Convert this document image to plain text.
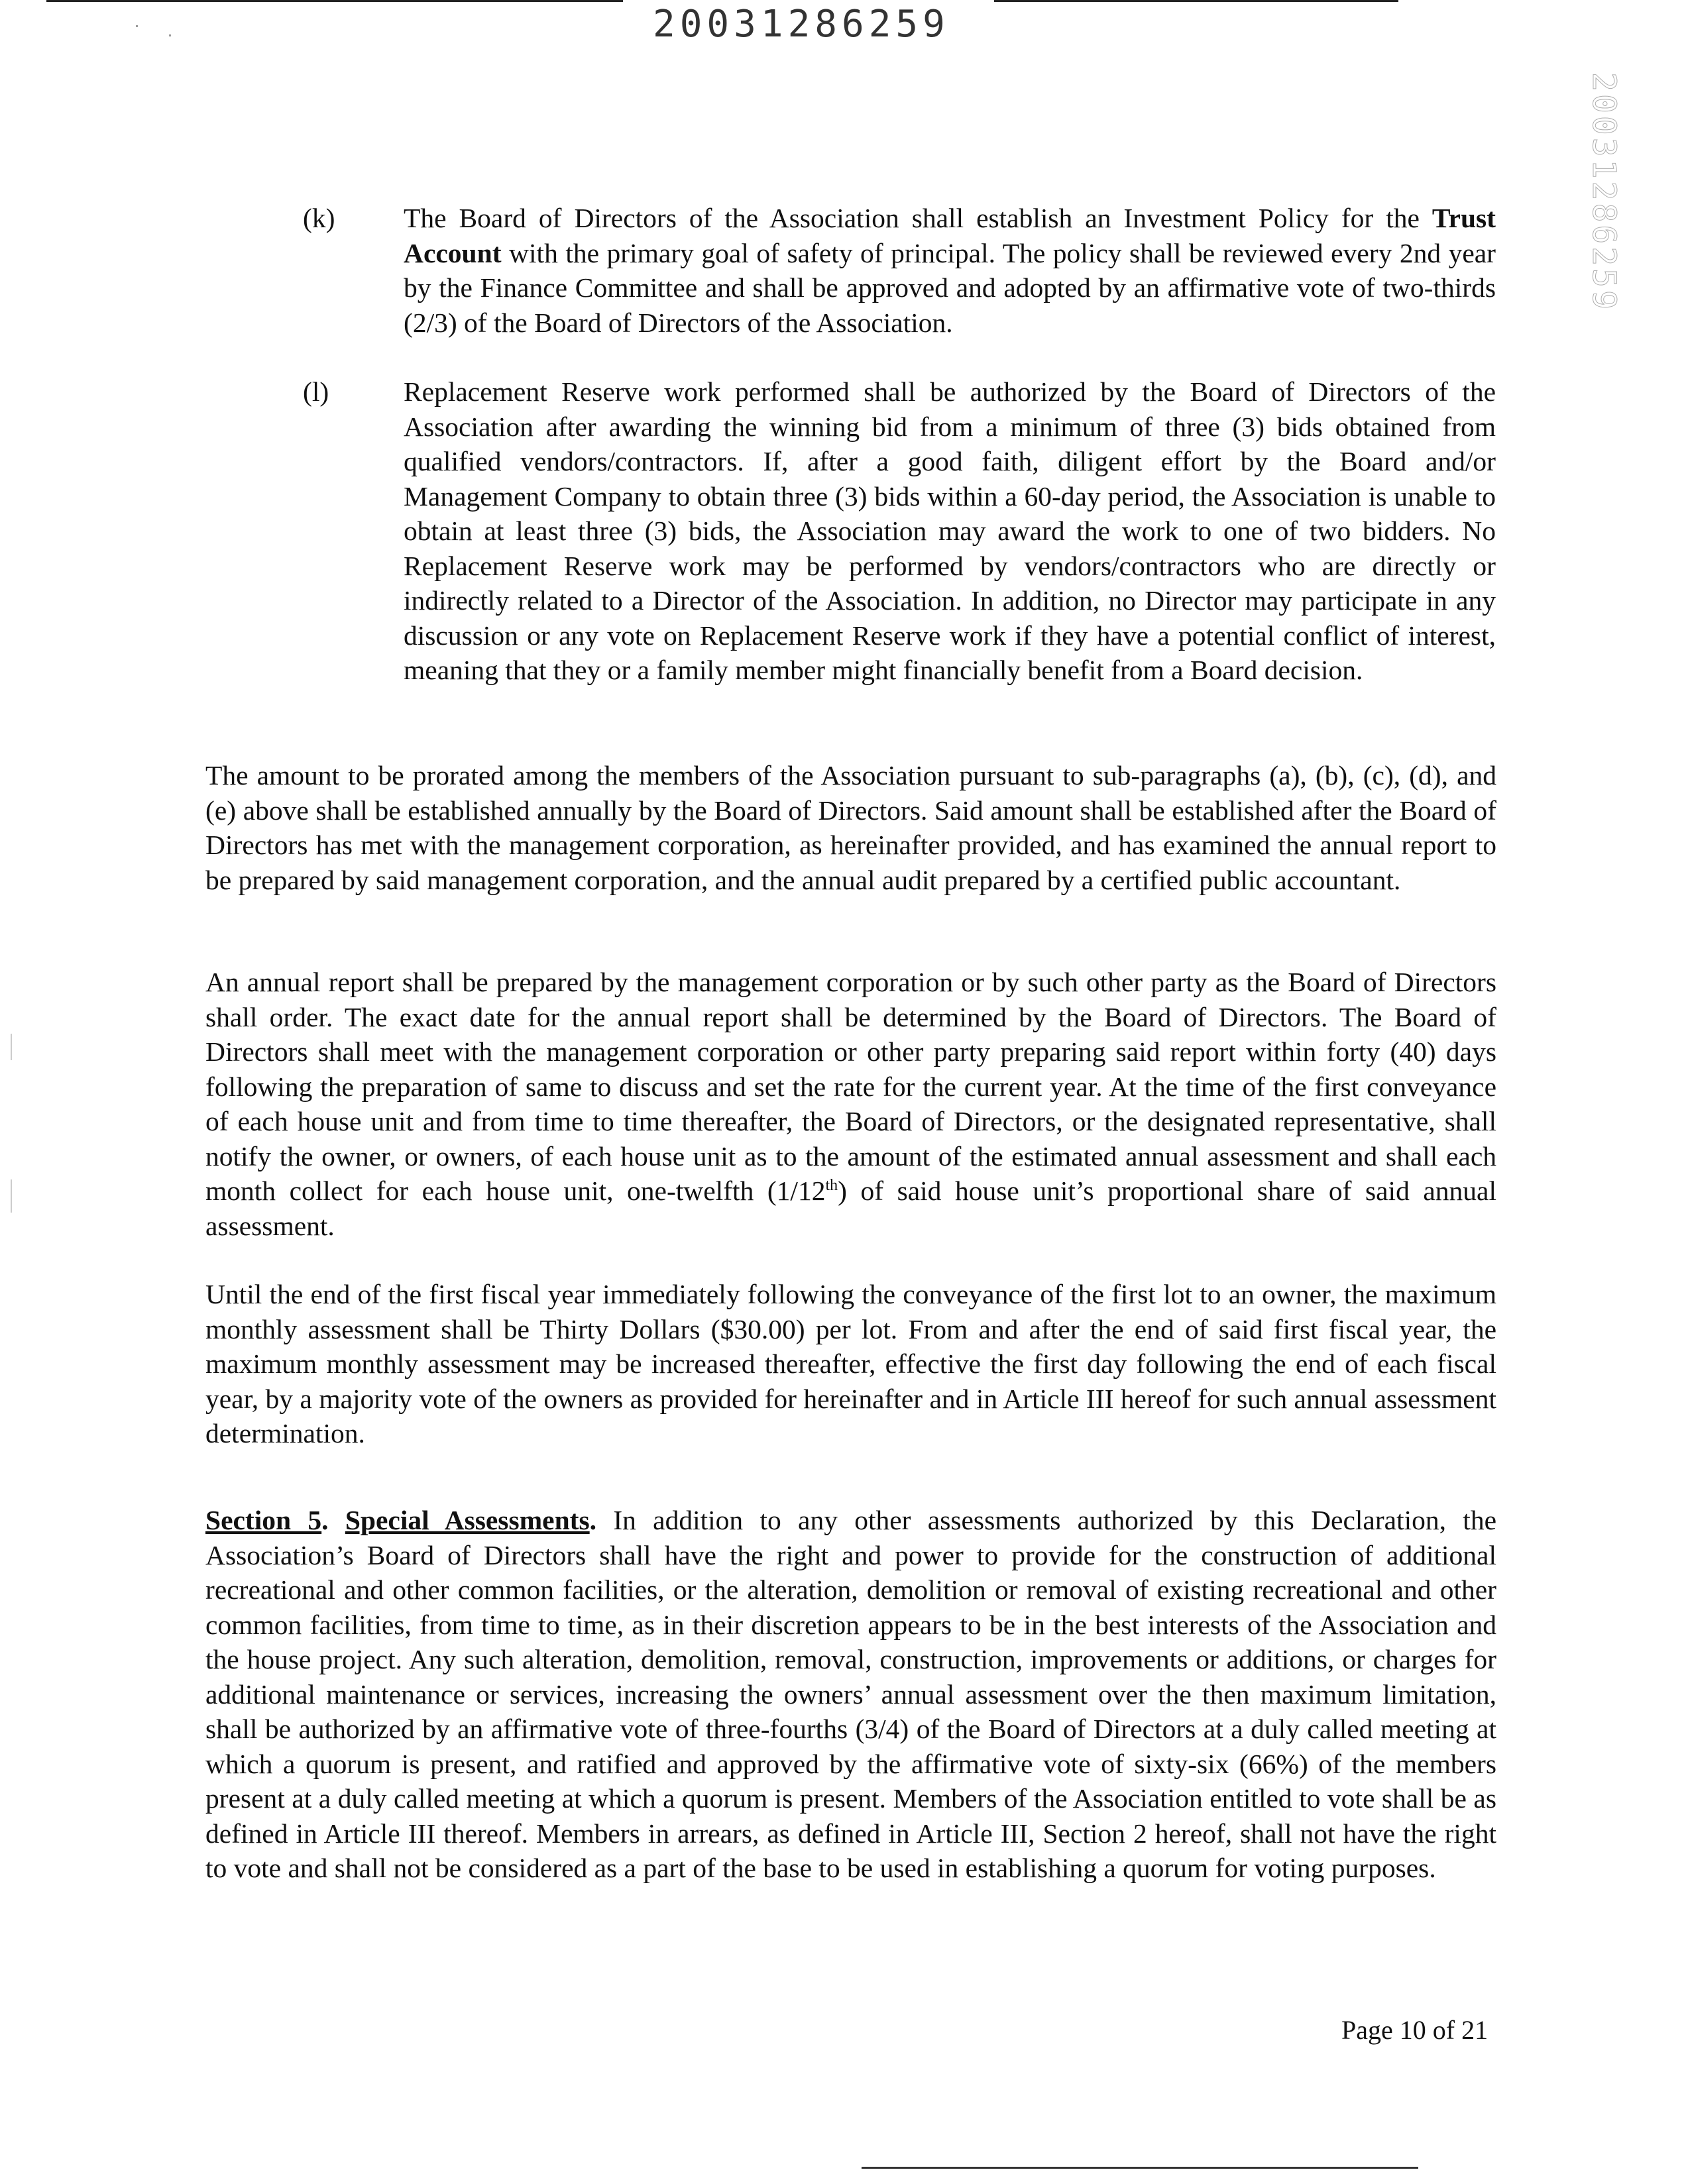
20031286259
20031286259
(k) The Board of Directors of the Association shall establish an Investment Policy for the Trust Account with the primary goal of safety of principal. The policy shall be reviewed every 2nd year by the Finance Committee and shall be approved and adopted by an affirmative vote of two-thirds (2/3) of the Board of Directors of the Association.
(l)	Replacement Reserve work performed shall be authorized by the Board of Directors of the Association after awarding the winning bid from a minimum of three (3) bids obtained from qualified vendors/contractors. If, after a good faith, diligent effort by the Board and/or Management Company to obtain three (3) bids within a 60-day period, the Association is unable to obtain at least three (3) bids, the Association may award the work to one of two bidders. No Replacement Reserve work may be performed by vendors/contractors who are directly or indirectly related to a Director of the Association. In addition, no Director may participate in any discussion or any vote on Replacement Reserve work if they have a potential conflict of interest, meaning that they or a family member might financially benefit from a Board decision.

The amount to be prorated among the members of the Association pursuant to sub-paragraphs (a), (b), (c), (d), and (e) above shall be established annually by the Board of Directors. Said amount shall be established after the Board of Directors has met with the management corporation, as hereinafter provided, and has examined the annual report to be prepared by said management corporation, and the annual audit prepared by a certified public accountant.

An annual report shall be prepared by the management corporation or by such other party as the Board of Directors shall order. The exact date for the annual report shall be determined by the Board of Directors. The Board of Directors shall meet with the management corporation or other party preparing said report within forty (40) days following the preparation of same to discuss and set the rate for the current year. At the time of the first conveyance of each house unit and from time to time thereafter, the Board of Directors, or the designated representative, shall notify the owner, or owners, of each house unit as to the amount of the estimated annual assessment and shall each month collect for each house unit, one-twelfth (1/12th) of said house unit’s proportional share of said annual assessment.

Until the end of the first fiscal year immediately following the conveyance of the first lot to an owner, the maximum monthly assessment shall be Thirty Dollars ($30.00) per lot. From and after the end of said first fiscal year, the maximum monthly assessment may be increased thereafter, effective the first day following the end of each fiscal year, by a majority vote of the owners as provided for hereinafter and in Article III hereof for such annual assessment determination.

Section 5. Special Assessments. In addition to any other assessments authorized by this Declaration, the Association’s Board of Directors shall have the right and power to provide for the construction of additional recreational and other common facilities, or the alteration, demolition or removal of existing recreational and other common facilities, from time to time, as in their discretion appears to be in the best interests of the Association and the house project. Any such alteration, demolition, removal, construction, improvements or additions, or charges for additional maintenance or services, increasing the owners’ annual assessment over the then maximum limitation, shall be authorized by an affirmative vote of three-fourths (3/4) of the Board of Directors at a duly called meeting at which a quorum is present, and ratified and approved by the affirmative vote of sixty-six (66%) of the members present at a duly called meeting at which a quorum is present. Members of the Association entitled to vote shall be as defined in Article III thereof. Members in arrears, as defined in Article III, Section 2 hereof, shall not have the right to vote and shall not be considered as a part of the base to be used in establishing a quorum for voting purposes.

Page 10 of 21
